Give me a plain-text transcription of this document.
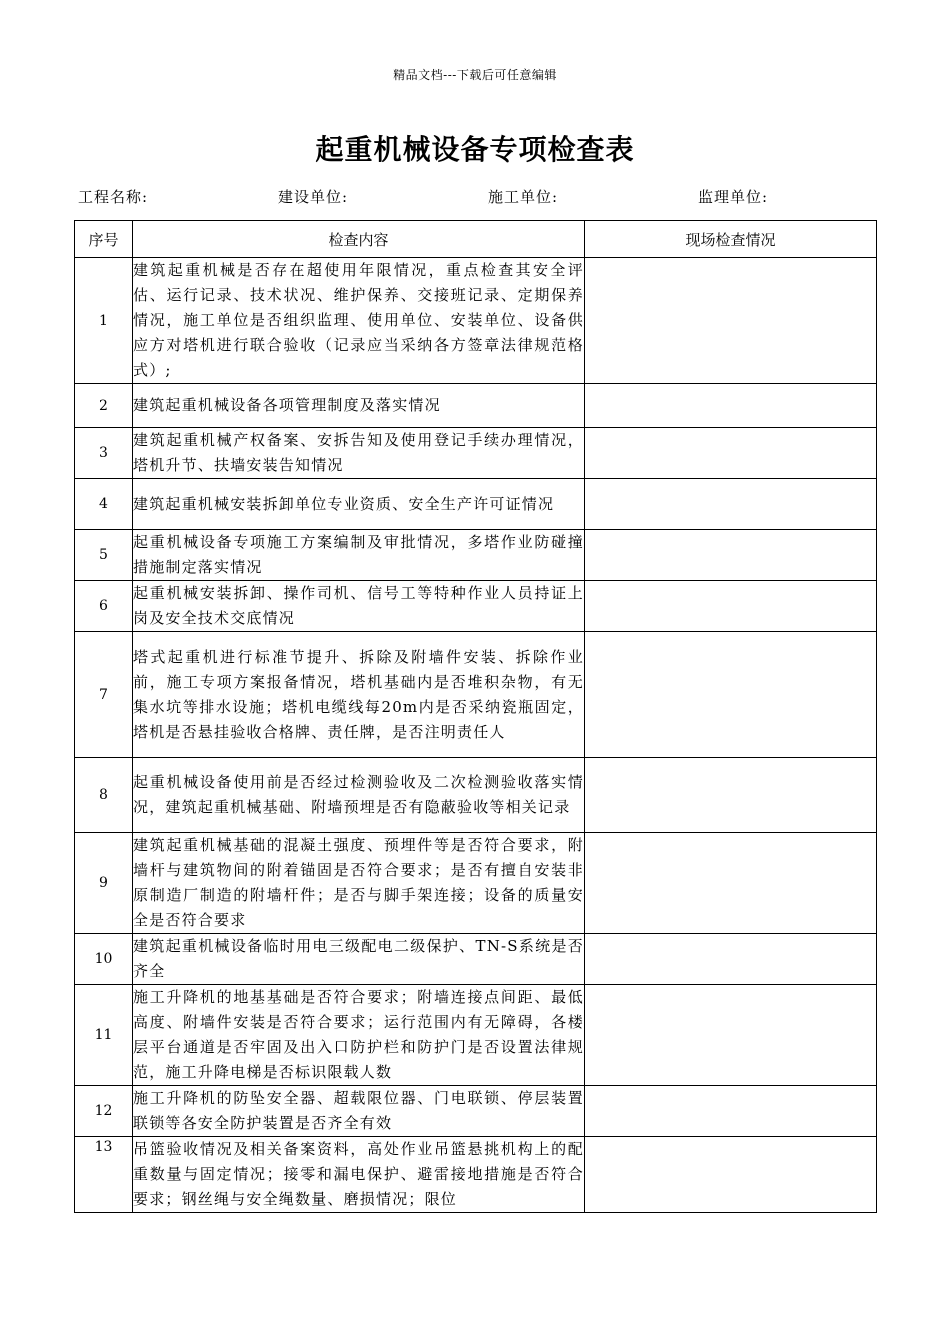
精品文档---下载后可任意编辑
起重机械设备专项检查表
工程名称:	建设单位:	施工单位:	监理单位:
序号	检查内容	现场检查情况
1	建筑起重机械是否存在超使用年限情况，重点检查其安全评估、运行记录、技术状况、维护保养、交接班记录、定期保养情况，施工单位是否组织监理、使用单位、安装单位、设备供应方对塔机进行联合验收（记录应当采纳各方签章法律规范格式）;	
2	建筑起重机械设备各项管理制度及落实情况	
3	建筑起重机械产权备案、安拆告知及使用登记手续办理情况，塔机升节、扶墙安装告知情况	
4	建筑起重机械安装拆卸单位专业资质、安全生产许可证情况	
5	起重机械设备专项施工方案编制及审批情况，多塔作业防碰撞措施制定落实情况	
6	起重机械安装拆卸、操作司机、信号工等特种作业人员持证上岗及安全技术交底情况	
7	塔式起重机进行标准节提升、拆除及附墙件安装、拆除作业前，施工专项方案报备情况，塔机基础内是否堆积杂物，有无集水坑等排水设施；塔机电缆线每20m内是否采纳瓷瓶固定，塔机是否悬挂验收合格牌、责任牌，是否注明责任人	
8	起重机械设备使用前是否经过检测验收及二次检测验收落实情况，建筑起重机械基础、附墙预埋是否有隐蔽验收等相关记录	
9	建筑起重机械基础的混凝土强度、预埋件等是否符合要求，附墙杆与建筑物间的附着锚固是否符合要求；是否有擅自安装非原制造厂制造的附墙杆件；是否与脚手架连接；设备的质量安全是否符合要求	
10	建筑起重机械设备临时用电三级配电二级保护、TN-S系统是否齐全	
11	施工升降机的地基基础是否符合要求；附墙连接点间距、最低高度、附墙件安装是否符合要求；运行范围内有无障碍，各楼层平台通道是否牢固及出入口防护栏和防护门是否设置法律规范，施工升降电梯是否标识限载人数	
12	施工升降机的防坠安全器、超载限位器、门电联锁、停层装置联锁等各安全防护装置是否齐全有效	
13	吊篮验收情况及相关备案资料，高处作业吊篮悬挑机构上的配重数量与固定情况；接零和漏电保护、避雷接地措施是否符合要求；钢丝绳与安全绳数量、磨损情况；限位	
